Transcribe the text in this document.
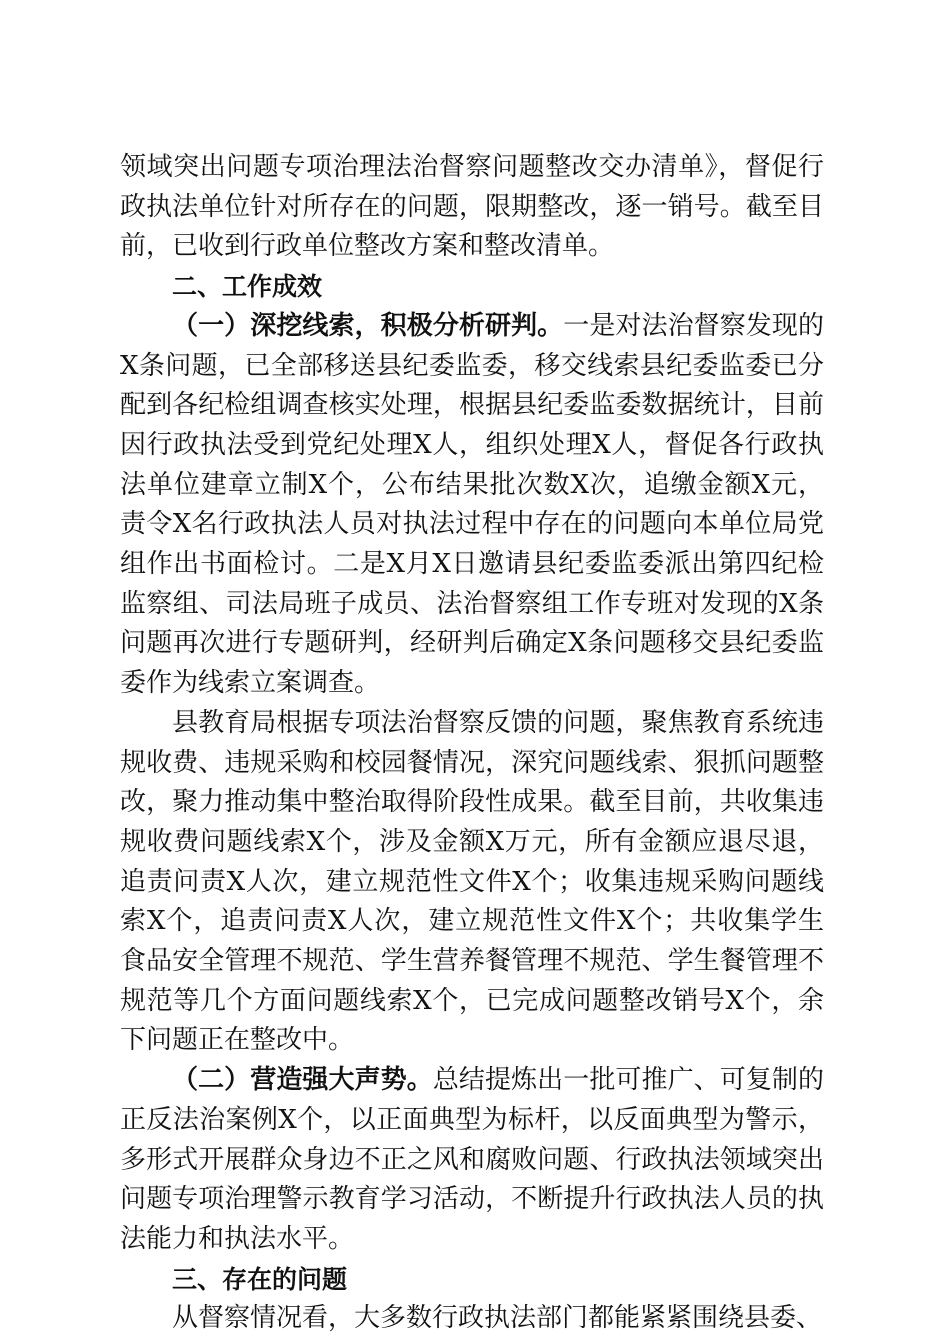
领域突出问题专项治理法治督察问题整改交办清单》，督促行政执法单位针对所存在的问题，限期整改，逐一销号。截至目前，已收到行政单位整改方案和整改清单。

二、工作成效

（一）深挖线索，积极分析研判。一是对法治督察发现的X条问题，已全部移送县纪委监委，移交线索县纪委监委已分配到各纪检组调查核实处理，根据县纪委监委数据统计，目前因行政执法受到党纪处理X人，组织处理X人，督促各行政执法单位建章立制X个，公布结果批次数X次，追缴金额X元，责令X名行政执法人员对执法过程中存在的问题向本单位局党组作出书面检讨。二是X月X日邀请县纪委监委派出第四纪检监察组、司法局班子成员、法治督察组工作专班对发现的X条问题再次进行专题研判，经研判后确定X条问题移交县纪委监委作为线索立案调查。

县教育局根据专项法治督察反馈的问题，聚焦教育系统违规收费、违规采购和校园餐情况，深究问题线索、狠抓问题整改，聚力推动集中整治取得阶段性成果。截至目前，共收集违规收费问题线索X个，涉及金额X万元，所有金额应退尽退，追责问责X人次，建立规范性文件X个；收集违规采购问题线索X个，追责问责X人次，建立规范性文件X个；共收集学生食品安全管理不规范、学生营养餐管理不规范、学生餐管理不规范等几个方面问题线索X个，已完成问题整改销号X个，余下问题正在整改中。

（二）营造强大声势。总结提炼出一批可推广、可复制的正反法治案例X个，以正面典型为标杆，以反面典型为警示，多形式开展群众身边不正之风和腐败问题、行政执法领域突出问题专项治理警示教育学习活动，不断提升行政执法人员的执法能力和执法水平。

三、存在的问题

从督察情况看，大多数行政执法部门都能紧紧围绕县委、
